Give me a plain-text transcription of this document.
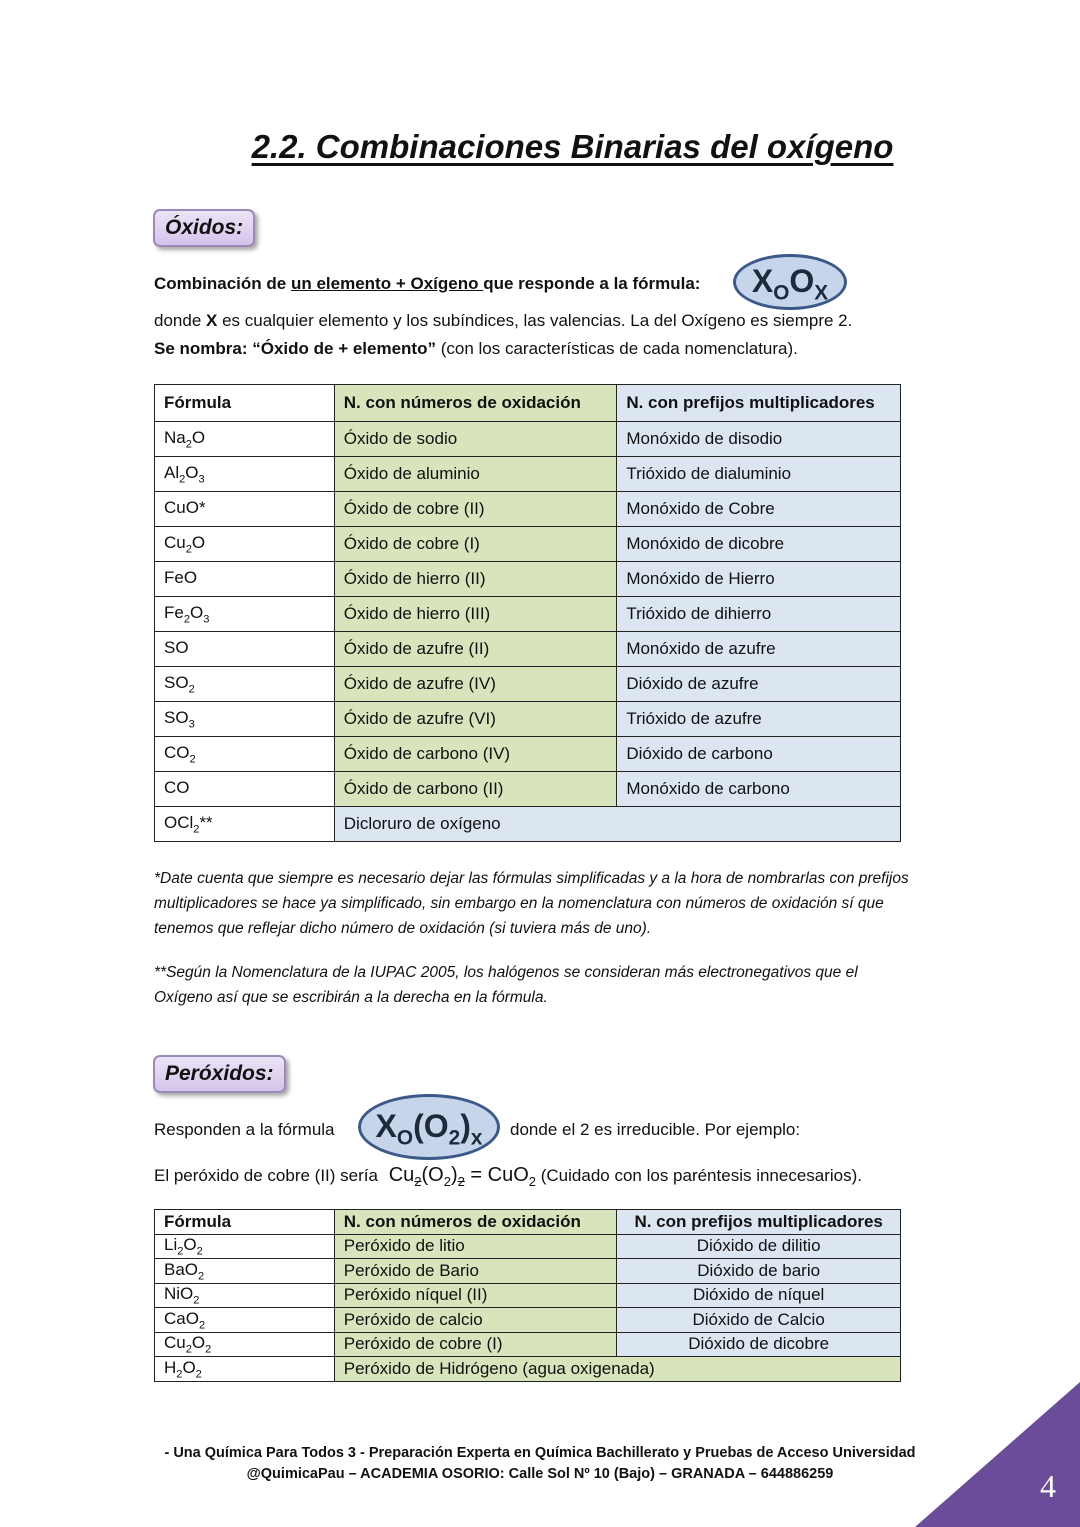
2.2. Combinaciones Binarias del oxígeno
Óxidos:
Combinación de un elemento + Oxígeno que responde a la fórmula:	$X_OO_X$
donde X es cualquier elemento y los subíndices, las valencias. La del Oxígeno es siempre 2.
Se nombra: “Óxido de + elemento” (con los características de cada nomenclatura).
Fórmula	N. con números de oxidación	N. con prefijos multiplicadores
$Na_2O$	Óxido de sodio	Monóxido de disodio
$Al_2O_3$	Óxido de aluminio	Trióxido de dialuminio
CuO*	Óxido de cobre (II)	Monóxido de Cobre
$Cu_2O$	Óxido de cobre (I)	Monóxido de dicobre
FeO	Óxido de hierro (II)	Monóxido de Hierro
$Fe_2O_3$	Óxido de hierro (III)	Trióxido de dihierro
SO	Óxido de azufre (II)	Monóxido de azufre
$SO_2$	Óxido de azufre (IV)	Dióxido de azufre
$SO_3$	Óxido de azufre (VI)	Trióxido de azufre
$CO_2$	Óxido de carbono (IV)	Dióxido de carbono
CO	Óxido de carbono (II)	Monóxido de carbono
OCl$_2$**	Dicloruro de oxígeno	
*Date cuenta que siempre es necesario dejar las fórmulas simplificadas y a la hora de nombrarlas con prefijos multiplicadores se hace ya simplificado, sin embargo en la nomenclatura con números de oxidación sí que tenemos que reflejar dicho número de oxidación (si tuviera más de uno).
**Según la Nomenclatura de la IUPAC 2005, los halógenos se consideran más electronegativos que el Oxígeno así que se escribirán a la derecha en la fórmula.
Peróxidos:
Responden a la fórmula	$X_O(O_2)_x$	donde el 2 es irreducible. Por ejemplo:
El peróxido de cobre (II) sería $Cu_2(O_2)_2 = CuO_2$ (Cuidado con los paréntesis innecesarios).
Fórmula	N. con números de oxidación	N. con prefijos multiplicadores
$Li_2O_2$	Peróxido de litio	Dióxido de dilitio
BaO$_2$	Peróxido de Bario	Dióxido de bario
NiO$_2$	Peróxido níquel (II)	Dióxido de níquel
CaO$_2$	Peróxido de calcio	Dióxido de Calcio
$Cu_2O_2$	Peróxido de cobre (I)	Dióxido de dicobre
$H_2O_2$	Peróxido de Hidrógeno (agua oxigenada)	
- Una Química Para Todos 3 - Preparación Experta en Química Bachillerato y Pruebas de Acceso Universidad
@QuimicaPau – ACADEMIA OSORIO: Calle Sol Nº 10 (Bajo) – GRANADA – 644886259	4
